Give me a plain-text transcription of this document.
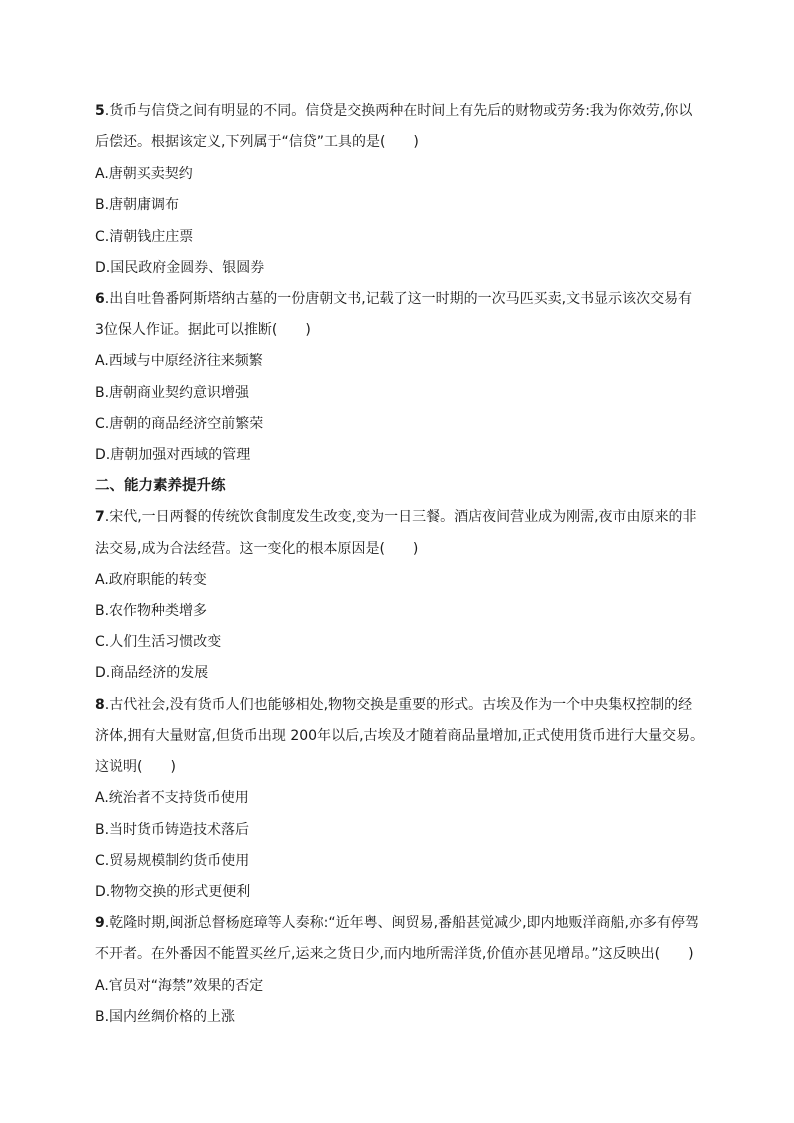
5.货币与信贷之间有明显的不同。信贷是交换两种在时间上有先后的财物或劳务:我为你效劳,你以
后偿还。根据该定义,下列属于“信贷”工具的是(　　)
A.唐朝买卖契约
B.唐朝庸调布
C.清朝钱庄庄票
D.国民政府金圆券、银圆券
6.出自吐鲁番阿斯塔纳古墓的一份唐朝文书,记载了这一时期的一次马匹买卖,文书显示该次交易有
3位保人作证。据此可以推断(　　)
A.西域与中原经济往来频繁
B.唐朝商业契约意识增强
C.唐朝的商品经济空前繁荣
D.唐朝加强对西域的管理
二、能力素养提升练
7.宋代,一日两餐的传统饮食制度发生改变,变为一日三餐。酒店夜间营业成为刚需,夜市由原来的非
法交易,成为合法经营。这一变化的根本原因是(　　)
A.政府职能的转变
B.农作物种类增多
C.人们生活习惯改变
D.商品经济的发展
8.古代社会,没有货币人们也能够相处,物物交换是重要的形式。古埃及作为一个中央集权控制的经
济体,拥有大量财富,但货币出现 200年以后,古埃及才随着商品量增加,正式使用货币进行大量交易。
这说明(　　)
A.统治者不支持货币使用
B.当时货币铸造技术落后
C.贸易规模制约货币使用
D.物物交换的形式更便利
9.乾隆时期,闽浙总督杨庭璋等人奏称:“近年粤、闽贸易,番船甚觉减少,即内地贩洋商船,亦多有停驾
不开者。在外番因不能置买丝斤,运来之货日少,而内地所需洋货,价值亦甚见增昂。”这反映出(　　)
A.官员对“海禁”效果的否定
B.国内丝绸价格的上涨
